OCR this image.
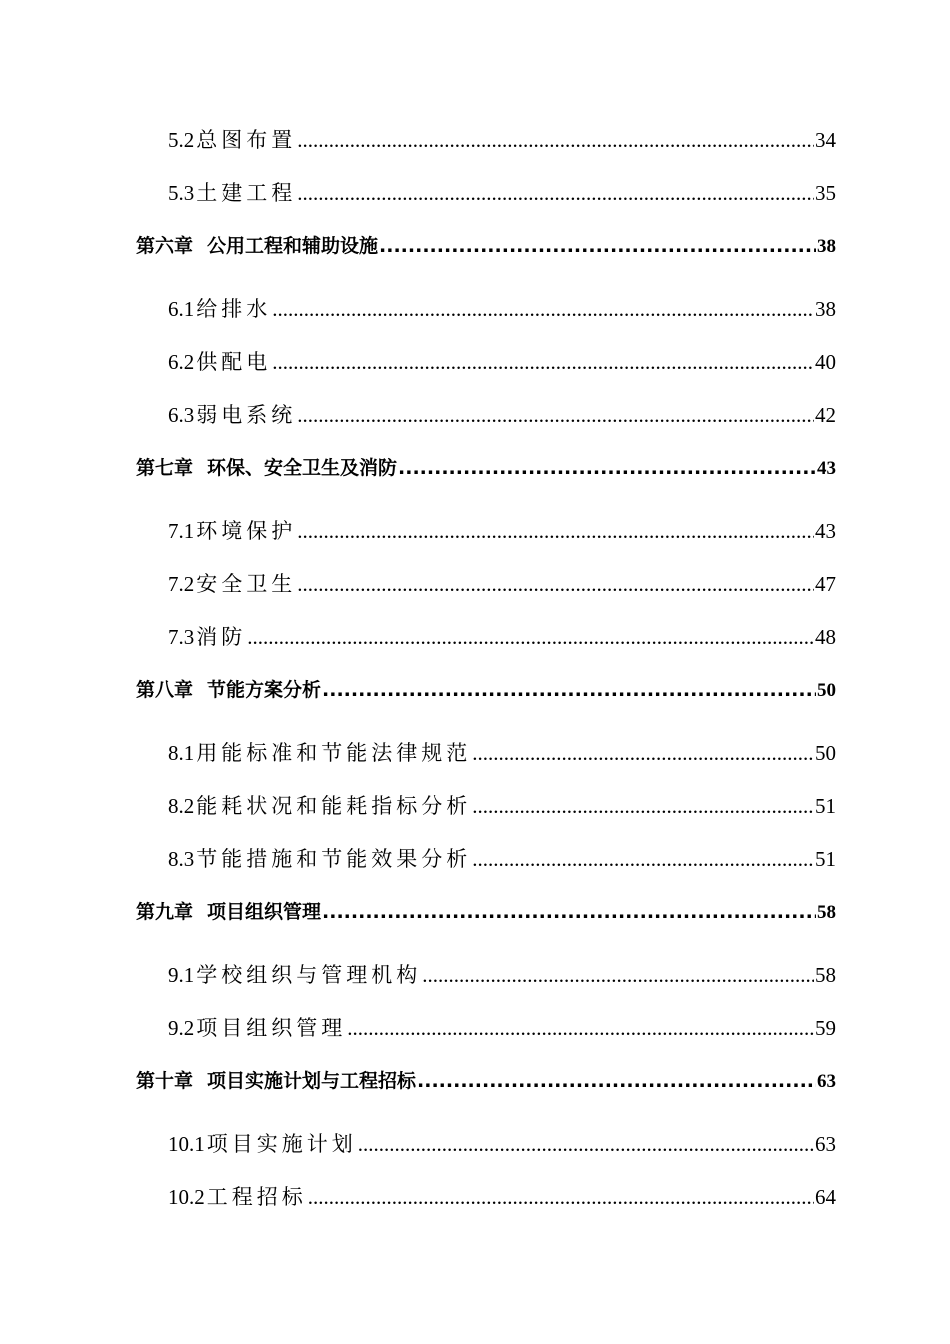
5.2 总图布置 .....	34
5.3 土建工程 .....	35
第六章 公用工程和辅助设施 .....	38
6.1 给排水 .....	38
6.2 供配电 .....	40
6.3 弱电系统 .....	42
第七章 环保、安全卫生及消防 .....	43
7.1 环境保护 .....	43
7.2 安全卫生 .....	47
7.3 消防 .....	48
第八章 节能方案分析 .....	50
8.1 用能标准和节能法律规范 .....	50
8.2 能耗状况和能耗指标分析 .....	51
8.3 节能措施和节能效果分析 .....	51
第九章 项目组织管理 .....	58
9.1 学校组织与管理机构 .....	58
9.2 项目组织管理 .....	59
第十章 项目实施计划与工程招标 .....	63
10.1 项目实施计划 .....	63
10.2 工程招标 .....	64
